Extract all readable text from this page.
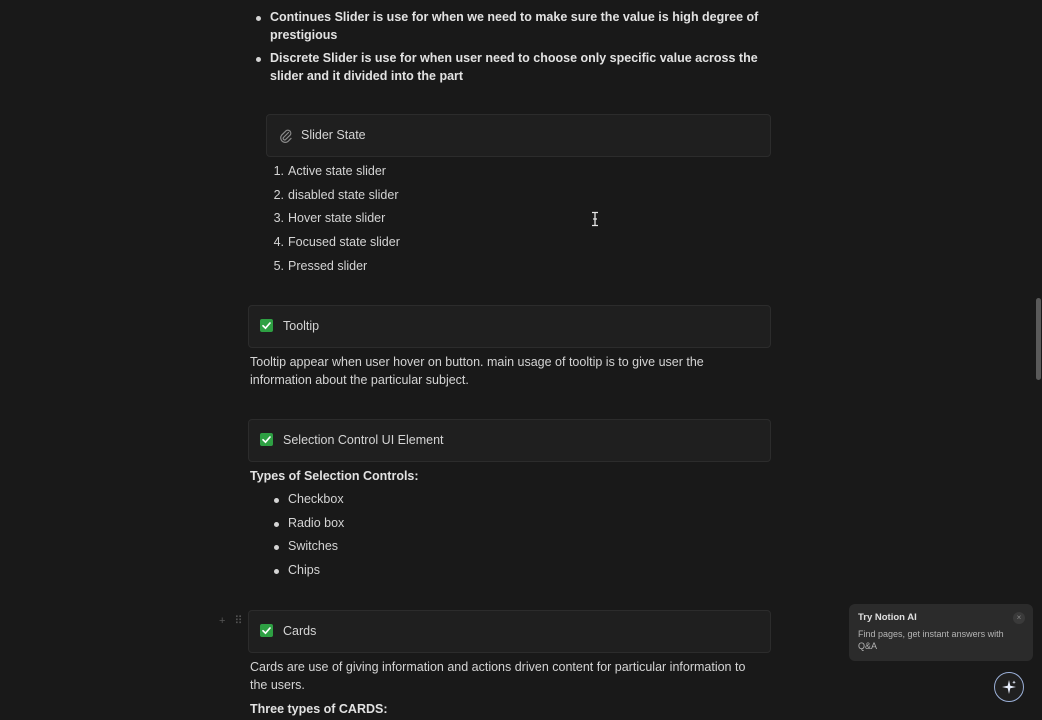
Continues Slider is use for when we need to make sure the value is high degree of prestigious
Discrete Slider is use for when user need to choose only specific value across the slider and it divided into the part
Slider State
1. Active state slider
2. disabled state slider
3. Hover state slider
4. Focused state slider
5. Pressed slider
Tooltip
Tooltip appear when user hover on button. main usage of tooltip is to give user the information about the particular subject.
Selection Control UI Element
Types of Selection Controls:
Checkbox
Radio box
Switches
Chips
+ ⠿
Cards
Cards are use of giving information and actions driven content for particular information to the users.
Three types of CARDS:
Try Notion AI
Find pages, get instant answers with Q&A
×
